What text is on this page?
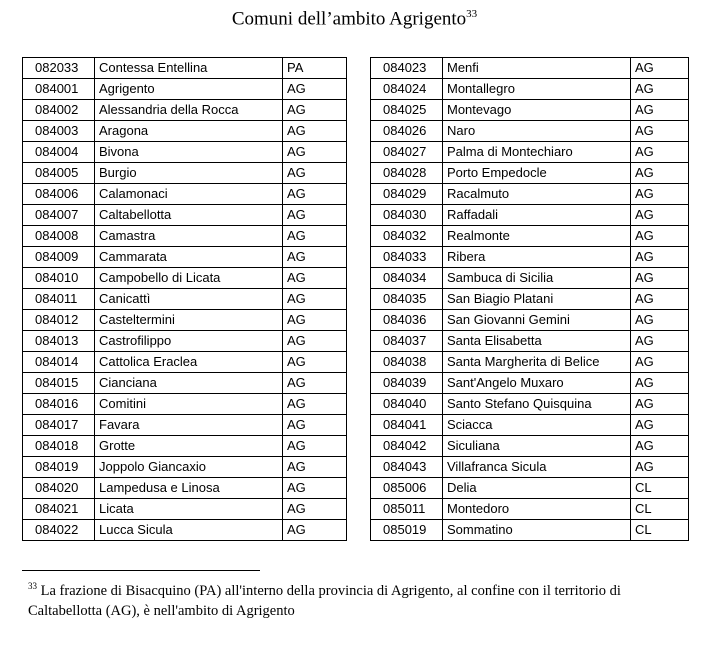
Comuni dell’ambito Agrigento$^{33}$
082033	Contessa Entellina	PA
084001	Agrigento	AG
084002	Alessandria della Rocca	AG
084003	Aragona	AG
084004	Bivona	AG
084005	Burgio	AG
084006	Calamonaci	AG
084007	Caltabellotta	AG
084008	Camastra	AG
084009	Cammarata	AG
084010	Campobello di Licata	AG
084011	Canicattì	AG
084012	Casteltermini	AG
084013	Castrofilippo	AG
084014	Cattolica Eraclea	AG
084015	Cianciana	AG
084016	Comitini	AG
084017	Favara	AG
084018	Grotte	AG
084019	Joppolo Giancaxio	AG
084020	Lampedusa e Linosa	AG
084021	Licata	AG
084022	Lucca Sicula	AG
084023	Menfi	AG
084024	Montallegro	AG
084025	Montevago	AG
084026	Naro	AG
084027	Palma di Montechiaro	AG
084028	Porto Empedocle	AG
084029	Racalmuto	AG
084030	Raffadali	AG
084032	Realmonte	AG
084033	Ribera	AG
084034	Sambuca di Sicilia	AG
084035	San Biagio Platani	AG
084036	San Giovanni Gemini	AG
084037	Santa Elisabetta	AG
084038	Santa Margherita di Belice	AG
084039	Sant'Angelo Muxaro	AG
084040	Santo Stefano Quisquina	AG
084041	Sciacca	AG
084042	Siculiana	AG
084043	Villafranca Sicula	AG
085006	Delia	CL
085011	Montedoro	CL
085019	Sommatino	CL
$^{33}$ La frazione di Bisacquino (PA) all'interno della provincia di Agrigento, al confine con il territorio di Caltabellotta (AG), è nell'ambito di Agrigento
